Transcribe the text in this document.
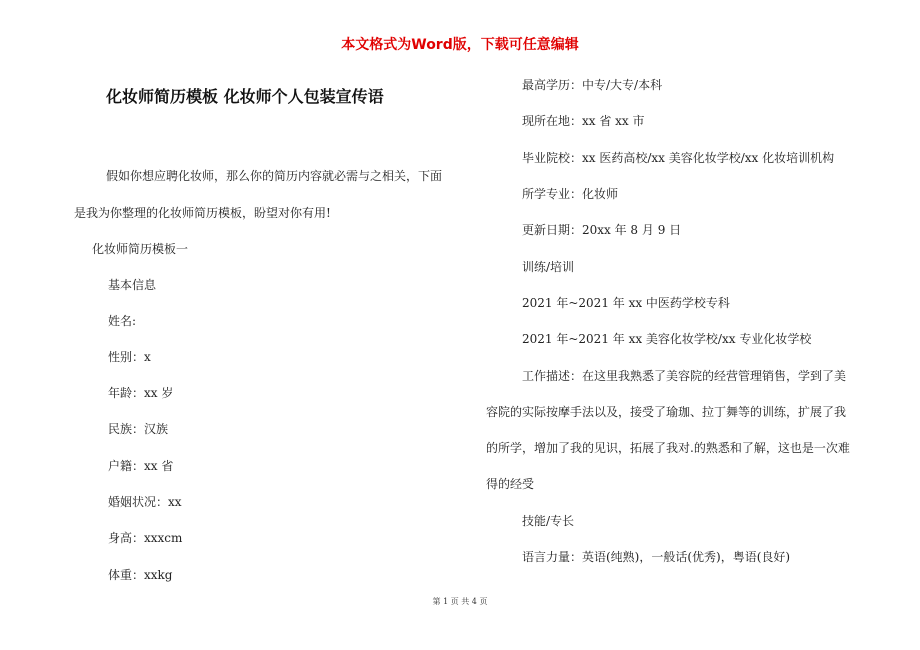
本文格式为Word版，下载可任意编辑
化妆师简历模板 化妆师个人包装宣传语
假如你想应聘化妆师，那么你的简历内容就必需与之相关，下面
是我为你整理的化妆师简历模板，盼望对你有用!
化妆师简历模板一
基本信息
姓名:
性别：x
年龄：xx 岁
民族：汉族
户籍：xx 省
婚姻状况：xx
身高：xxxcm
体重：xxkg
最高学历：中专/大专/本科
现所在地：xx 省 xx 市
毕业院校：xx 医药高校/xx 美容化妆学校/xx 化妆培训机构
所学专业：化妆师
更新日期：20xx 年 8 月 9 日
训练/培训
2021 年~2021 年 xx 中医药学校专科
2021 年~2021 年 xx 美容化妆学校/xx 专业化妆学校
工作描述：在这里我熟悉了美容院的经营管理销售，学到了美
容院的实际按摩手法以及，接受了瑜珈、拉丁舞等的训练，扩展了我
的所学，增加了我的见识，拓展了我对.的熟悉和了解，这也是一次难
得的经受
技能/专长
语言力量：英语(纯熟)，一般话(优秀)，粤语(良好)
第 1 页 共 4 页
